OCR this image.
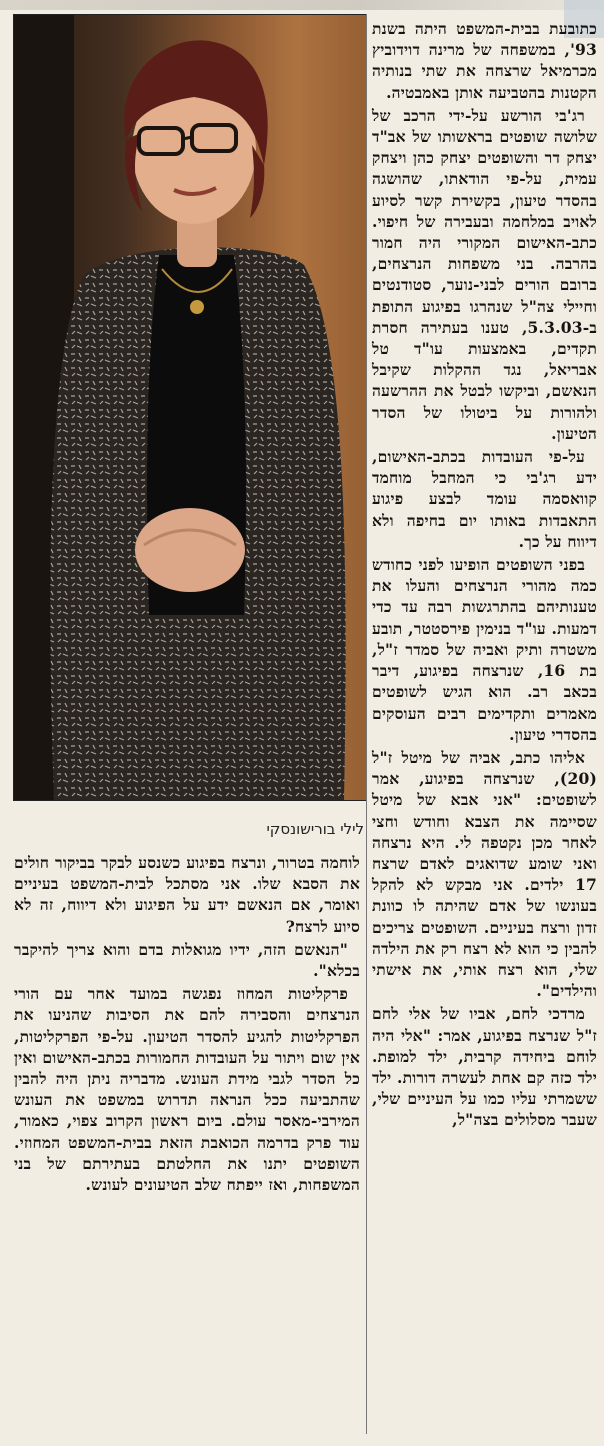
לילי בורישונסקי

כתובעת בבית-המשפט היתה בשנת 93', במשפחה של מרינה דוידוביץ מכרמיאל שרצחה את שתי בנותיה הקטנות בהטביעה אותן באמבטיה.

רג'בי הורשע על-ידי הרכב של שלושה שופטים בראשותו של אב"ד יצחק דר והשופטים יצחק כהן ויצחק עמית, על-פי הודאתו, שהושגה בהסדר טיעון, בקשירת קשר לסיוע לאויב במלחמה ובעבירה של חיפוי. כתב-האישום המקורי היה חמור בהרבה. בני משפחות הנרצחים, ברובם הורים לבני-נוער, סטודנטים וחיילי צה"ל שנהרגו בפיגוע התופת ב-5.3.03, טענו בעתירה חסרת תקדים, באמצעות עו"ד טל אבריאל, נגד ההקלות שקיבל הנאשם, וביקשו לבטל את ההרשעה ולהורות על ביטולו של הסדר הטיעון.

על-פי העובדות בכתב-האישום, ידע רג'בי כי המחבל מוחמד קוואסמה עומד לבצע פיגוע התאבדות באותו יום בחיפה ולא דיווח על כך.

בפני השופטים הופיעו לפני כחודש כמה מהורי הנרצחים והעלו את טענותיהם בהתרגשות רבה עד כדי דמעות. עו"ד בנימין פירסטטר, תובע משטרה ותיק ואביה של סמדר ז"ל, בת 16, שנרצחה בפיגוע, דיבר בכאב רב. הוא הגיש לשופטים מאמרים ותקדימים רבים העוסקים בהסדרי טיעון.

אליהו כתב, אביה של מיטל ז"ל (20), שנרצחה בפיגוע, אמר לשופטים: "אני אבא של מיטל שסיימה את הצבא וחודש וחצי לאחר מכן נקטפה לי. היא נרצחה ואני שומע שדואגים לאדם שרצח 17 ילדים. אני מבקש לא להקל בעונשו של אדם שהיתה לו כוונת זדון ורצח בעיניים. השופטים צריכים להבין כי הוא לא רצח רק את הילדה שלי, הוא רצח אותי, את אישתי והילדים".

מרדכי לחם, אביו של אלי לחם ז"ל שנרצח בפיגוע, אמר: "אלי היה לוחם ביחידה קרבית, ילד למופת. ילד כזה קם אחת לעשרה דורות. ילד ששמרתי עליו כמו על העיניים שלי, שעבר מסלולים בצה"ל,

לוחמה בטרור, ונרצח בפיגוע כשנסע לבקר בביקור חולים את הסבא שלו. אני מסתכל לבית-המשפט בעיניים ואומר, אם הנאשם ידע על הפיגוע ולא דיווח, זה לא סיוע לרצח?

"הנאשם הזה, ידיו מגואלות בדם והוא צריך להיקבר בכלא".

פרקליטות המחוז נפגשה במועד אחר עם הורי הנרצחים והסבירה להם את הסיבות שהניעו את הפרקליטות להגיע להסדר הטיעון. על-פי הפרקליטות, אין שום ויתור על העובדות החמורות בכתב-האישום ואין כל הסדר לגבי מידת העונש. מדבריה ניתן היה להבין שהתביעה ככל הנראה תדרוש במשפט את העונש המירבי-מאסר עולם. ביום ראשון הקרוב צפוי, כאמור, עוד פרק בדרמה הכואבת הזאת בבית-המשפט המחוזי. השופטים יתנו את החלטתם בעתירתם של בני המשפחות, ואז ייפתח שלב הטיעונים לעונש.
